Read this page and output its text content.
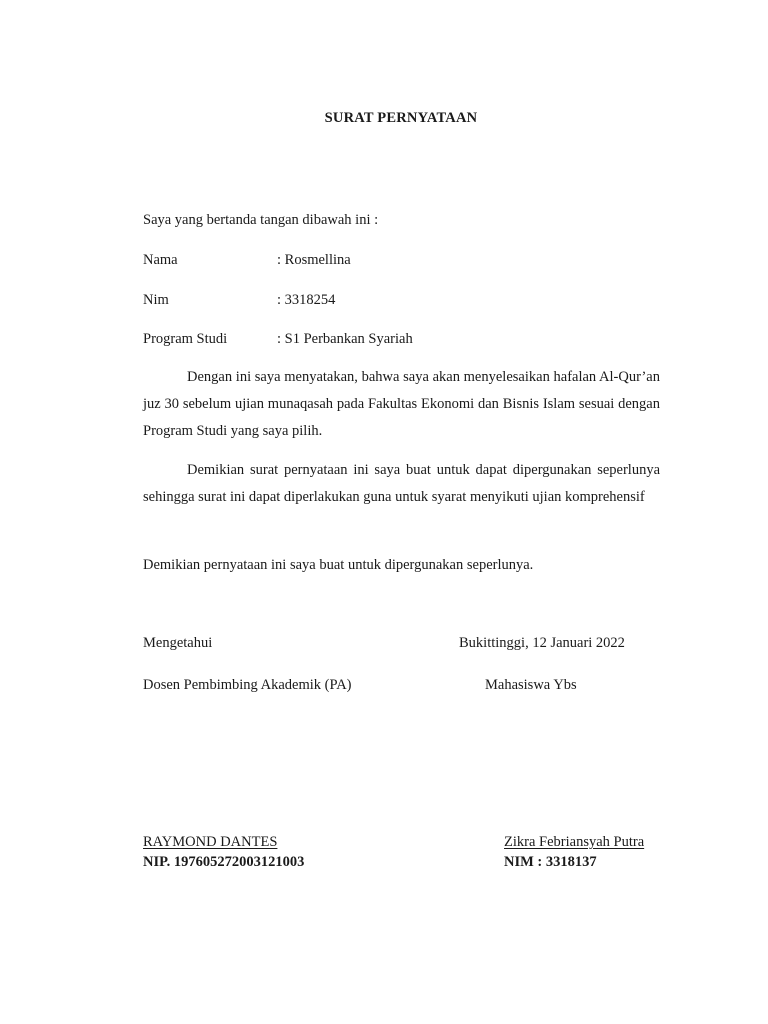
SURAT PERNYATAAN
Saya yang bertanda tangan dibawah ini :
Nama	: Rosmellina
Nim	: 3318254
Program Studi	: S1 Perbankan Syariah
Dengan ini saya menyatakan, bahwa saya akan menyelesaikan hafalan Al-Qur’an juz 30 sebelum ujian munaqasah pada Fakultas Ekonomi dan Bisnis Islam sesuai dengan Program Studi yang saya pilih.
Demikian surat pernyataan ini saya buat untuk dapat dipergunakan seperlunya sehingga surat ini dapat diperlakukan guna untuk syarat menyikuti ujian komprehensif
Demikian pernyataan ini saya buat untuk dipergunakan seperlunya.
Mengetahui	Bukittinggi, 12 Januari 2022
Dosen Pembimbing Akademik (PA)	Mahasiswa Ybs
RAYMOND DANTES	Zikra Febriansyah Putra
NIP. 197605272003121003	NIM : 3318137
